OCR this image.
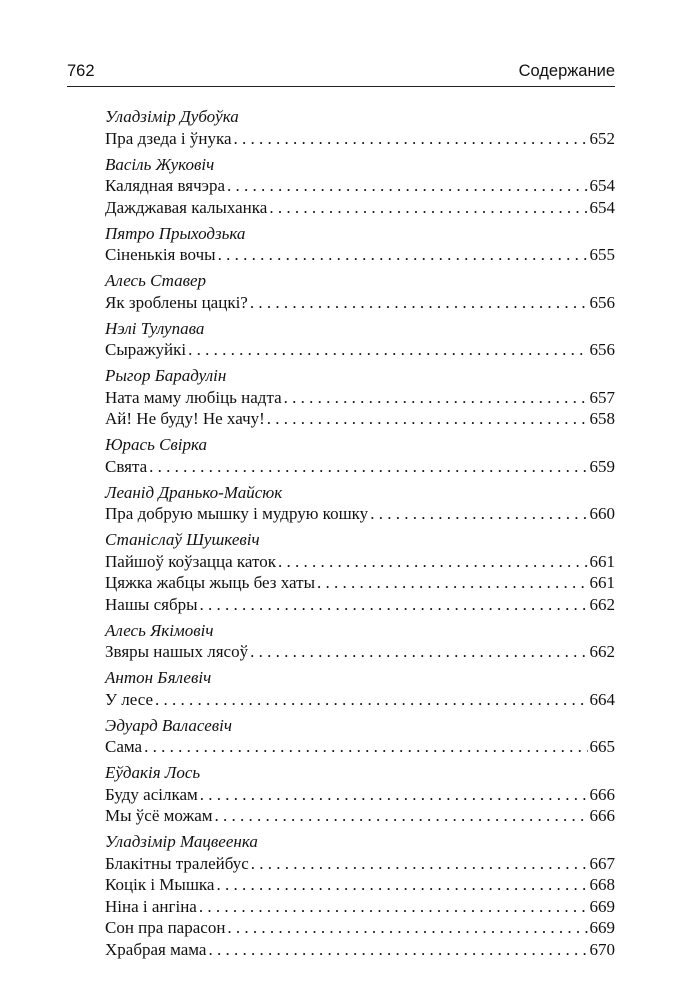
762	Содержание
Уладзімір Дубоўка
Пра дзеда і ўнука . . .	652
Васіль Жуковіч
Калядная вячэра . . .	654
Дажджавая калыханка . . .	654
Пятро Прыходзька
Сіненькія вочы . . .	655
Алесь Ставер
Як зроблены цацкі? . . .	656
Нэлі Тулупава
Сыражуйкі . . .	656
Рыгор Барадулін
Ната маму любіць надта . . .	657
Ай! Не буду! Не хачу! . . .	658
Юрась Свірка
Свята . . .	659
Леанід Дранько-Майсюк
Пра добрую мышку і мудрую кошку . . .	660
Станіслаў Шушкевіч
Пайшоў коўзацца каток . . .	661
Цяжка жабцы жыць без хаты . . .	661
Нашы сябры . . .	662
Алесь Якімовіч
Звяры нашых лясоў . . .	662
Антон Бялевіч
У лесе . . .	664
Эдуард Валасевіч
Сама . . .	665
Еўдакія Лось
Буду асілкам . . .	666
Мы ўсё можам . . .	666
Уладзімір Мацвеенка
Блакітны тралейбус . . .	667
Коцік і Мышка . . .	668
Ніна і ангіна . . .	669
Сон пра парасон . . .	669
Храбрая мама . . .	670
